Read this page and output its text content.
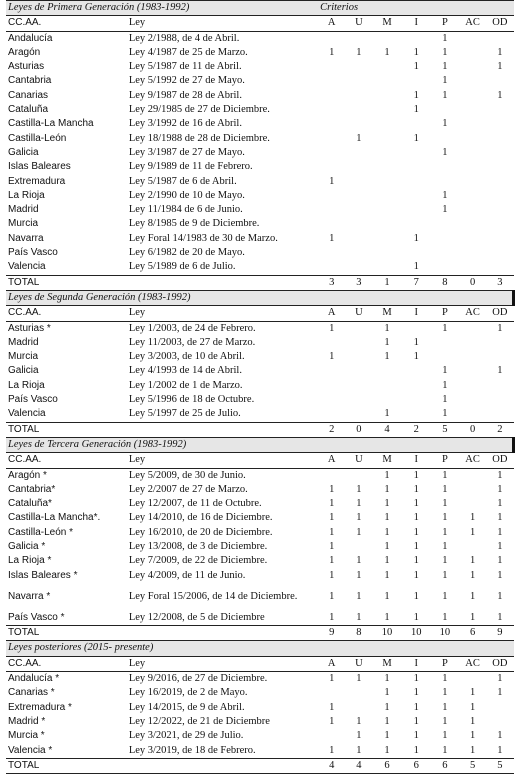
Leyes de Primera Generación (1983-1992)		Criterios						
CC.AA.	Ley	A	U	M	I	P	AC	OD
Andalucía	Ley 2/1988, de 4 de Abril.					1		
Aragón	Ley 4/1987 de 25 de Marzo.	1	1	1	1	1		1
Asturias	Ley 5/1987 de 11 de Abril.				1	1		1
Cantabria	Ley 5/1992 de 27 de Mayo.					1		
Canarias	Ley 9/1987 de 28 de Abril.				1	1		1
Cataluña	Ley 29/1985 de 27 de Diciembre.				1			
Castilla-La Mancha	Ley 3/1992 de 16 de Abril.					1		
Castilla-León	Ley 18/1988 de 28 de Diciembre.		1		1			
Galicia	Ley 3/1987 de 27 de Mayo.					1		
Islas Baleares	Ley 9/1989 de 11 de Febrero.							
Extremadura	Ley 5/1987 de 6 de Abril.	1						
La Rioja	Ley 2/1990 de 10 de Mayo.					1		
Madrid	Ley 11/1984 de 6 de Junio.					1		
Murcia	Ley 8/1985 de 9 de Diciembre.							
Navarra	Ley Foral 14/1983 de 30 de Marzo.	1			1			
País Vasco	Ley 6/1982 de 20 de Mayo.							
Valencia	Ley 5/1989 de 6 de Julio.				1			
TOTAL		3	3	1	7	8	0	3
Leyes de Segunda Generación (1983-1992)								
CC.AA.	Ley	A	U	M	I	P	AC	OD
Asturias *	Ley 1/2003, de 24 de Febrero.	1		1		1		1
Madrid	Ley 11/2003, de 27 de Marzo.			1	1			
Murcia	Ley 3/2003, de 10 de Abril.	1		1	1			
Galicia	Ley 4/1993 de 14 de Abril.					1		1
La Rioja	Ley 1/2002 de 1 de Marzo.					1		
País Vasco	Ley 5/1996 de 18 de Octubre.					1		
Valencia	Ley 5/1997 de 25 de Julio.			1		1		
TOTAL		2	0	4	2	5	0	2
Leyes de Tercera Generación (1983-1992)								
CC.AA.	Ley	A	U	M	I	P	AC	OD
Aragón *	Ley 5/2009, de 30 de Junio.			1	1	1		1
Cantabria*	Ley 2/2007 de 27 de Marzo.	1	1	1	1	1		1
Cataluña*	Ley 12/2007, de 11 de Octubre.	1	1	1	1	1		1
Castilla-La Mancha*.	Ley 14/2010, de 16 de Diciembre.	1	1	1	1	1	1	1
Castilla-León *	Ley 16/2010, de 20 de Diciembre.	1	1	1	1	1	1	1
Galicia *	Ley 13/2008, de 3 de Diciembre.	1		1	1	1		1
La Rioja *	Ley 7/2009, de 22 de Diciembre.	1	1	1	1	1	1	1
Islas Baleares *	Ley 4/2009, de 11 de Junio.	1	1	1	1	1	1	1
Navarra *	Ley Foral 15/2006, de 14 de Diciembre.	1	1	1	1	1	1	1
País Vasco *	Ley 12/2008, de 5 de Diciembre	1	1	1	1	1	1	1
TOTAL		9	8	10	10	10	6	9
Leyes posteriores (2015- presente)								
CC.AA.	Ley	A	U	M	I	P	AC	OD
Andalucía *	Ley 9/2016, de 27 de Diciembre.	1	1	1	1	1		1
Canarias *	Ley 16/2019, de 2 de Mayo.			1	1	1	1	1
Extremadura *	Ley 14/2015, de 9 de Abril.	1		1	1	1	1	
Madrid *	Ley 12/2022, de 21 de Diciembre	1	1	1	1	1	1	
Murcia *	Ley 3/2021, de 29 de Julio.		1	1	1	1	1	1
Valencia *	Ley 3/2019, de 18 de Febrero.	1	1	1	1	1	1	1
TOTAL		4	4	6	6	6	5	5
